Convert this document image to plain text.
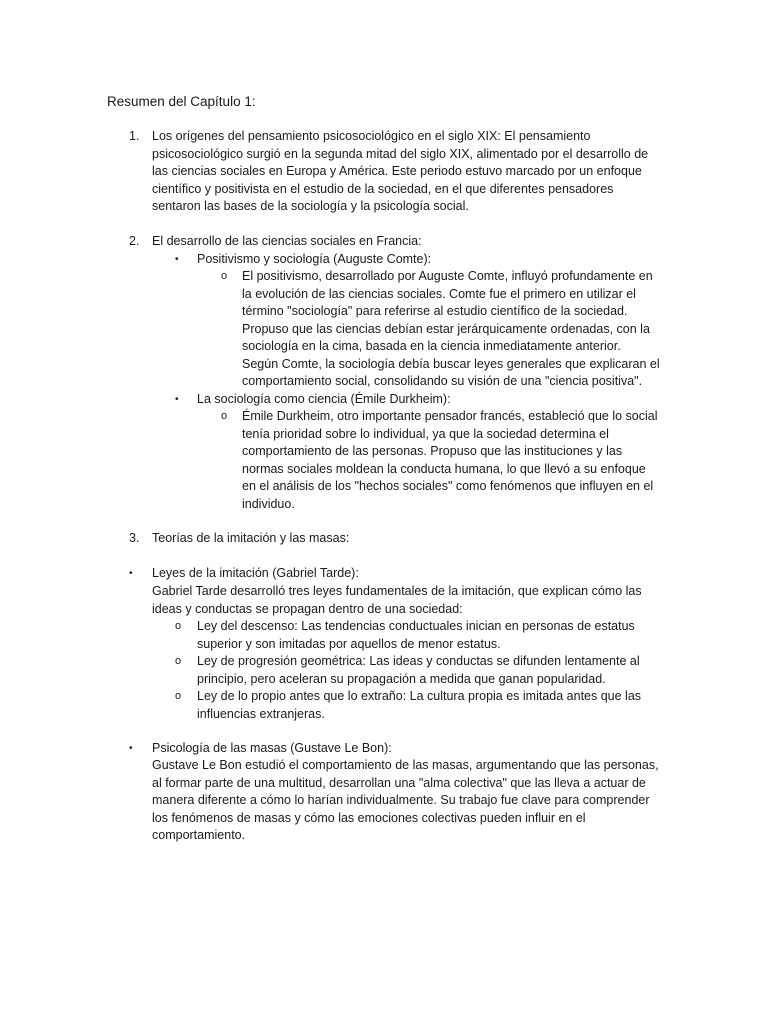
Resumen del Capítulo 1:
1. Los orígenes del pensamiento psicosociológico en el siglo XIX: El pensamiento psicosociológico surgió en la segunda mitad del siglo XIX, alimentado por el desarrollo de las ciencias sociales en Europa y América. Este periodo estuvo marcado por un enfoque científico y positivista en el estudio de la sociedad, en el que diferentes pensadores sentaron las bases de la sociología y la psicología social.

2. El desarrollo de las ciencias sociales en Francia:

• Positivismo y sociología (Auguste Comte):
o El positivismo, desarrollado por Auguste Comte, influyó profundamente en la evolución de las ciencias sociales. Comte fue el primero en utilizar el término "sociología" para referirse al estudio científico de la sociedad. Propuso que las ciencias debían estar jerárquicamente ordenadas, con la sociología en la cima, basada en la ciencia inmediatamente anterior. Según Comte, la sociología debía buscar leyes generales que explicaran el comportamiento social, consolidando su visión de una "ciencia positiva".

• La sociología como ciencia (Émile Durkheim):
o Émile Durkheim, otro importante pensador francés, estableció que lo social tenía prioridad sobre lo individual, ya que la sociedad determina el comportamiento de las personas. Propuso que las instituciones y las normas sociales moldean la conducta humana, lo que llevó a su enfoque en el análisis de los "hechos sociales" como fenómenos que influyen en el individuo.

3. Teorías de la imitación y las masas:

• Leyes de la imitación (Gabriel Tarde):

Gabriel Tarde desarrolló tres leyes fundamentales de la imitación, que explican cómo las ideas y conductas se propagan dentro de una sociedad:

o Ley del descenso: Las tendencias conductuales inician en personas de estatus superior y son imitadas por aquellos de menor estatus.

o Ley de progresión geométrica: Las ideas y conductas se difunden lentamente al principio, pero aceleran su propagación a medida que ganan popularidad.

o Ley de lo propio antes que lo extraño: La cultura propia es imitada antes que las influencias extranjeras.

• Psicología de las masas (Gustave Le Bon):

Gustave Le Bon estudió el comportamiento de las masas, argumentando que las personas, al formar parte de una multitud, desarrollan una "alma colectiva" que las lleva a actuar de manera diferente a cómo lo harían individualmente. Su trabajo fue clave para comprender los fenómenos de masas y cómo las emociones colectivas pueden influir en el comportamiento.
